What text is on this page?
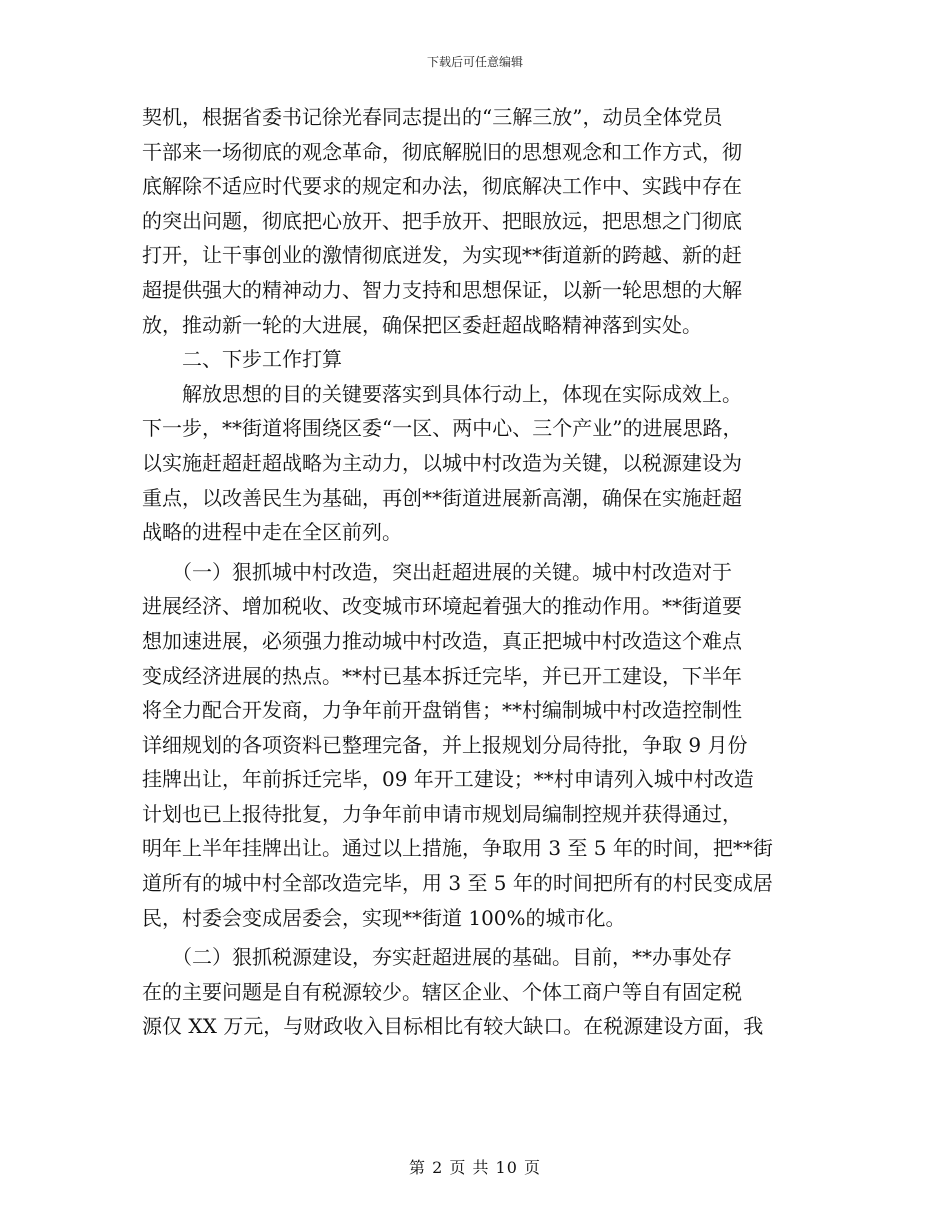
下载后可任意编辑
契机，根据省委书记徐光春同志提出的“三解三放”，动员全体党员
干部来一场彻底的观念革命，彻底解脱旧的思想观念和工作方式，彻
底解除不适应时代要求的规定和办法，彻底解决工作中、实践中存在
的突出问题，彻底把心放开、把手放开、把眼放远，把思想之门彻底
打开，让干事创业的激情彻底迸发，为实现**街道新的跨越、新的赶
超提供强大的精神动力、智力支持和思想保证，以新一轮思想的大解
放，推动新一轮的大进展，确保把区委赶超战略精神落到实处。
　　二、下步工作打算
　　解放思想的目的关键要落实到具体行动上，体现在实际成效上。
下一步，**街道将围绕区委“一区、两中心、三个产业”的进展思路，
以实施赶超赶超战略为主动力，以城中村改造为关键，以税源建设为
重点，以改善民生为基础，再创**街道进展新高潮，确保在实施赶超
战略的进程中走在全区前列。
　　（一）狠抓城中村改造，突出赶超进展的关键。城中村改造对于
进展经济、增加税收、改变城市环境起着强大的推动作用。**街道要
想加速进展，必须强力推动城中村改造，真正把城中村改造这个难点
变成经济进展的热点。**村已基本拆迁完毕，并已开工建设，下半年
将全力配合开发商，力争年前开盘销售；**村编制城中村改造控制性
详细规划的各项资料已整理完备，并上报规划分局待批，争取 9 月份
挂牌出让，年前拆迁完毕，09 年开工建设；**村申请列入城中村改造
计划也已上报待批复，力争年前申请市规划局编制控规并获得通过，
明年上半年挂牌出让。通过以上措施，争取用 3 至 5 年的时间，把**街
道所有的城中村全部改造完毕，用 3 至 5 年的时间把所有的村民变成居
民，村委会变成居委会，实现**街道 100%的城市化。
　　（二）狠抓税源建设，夯实赶超进展的基础。目前，**办事处存
在的主要问题是自有税源较少。辖区企业、个体工商户等自有固定税
源仅 XX 万元，与财政收入目标相比有较大缺口。在税源建设方面，我
第 2 页 共 10 页
